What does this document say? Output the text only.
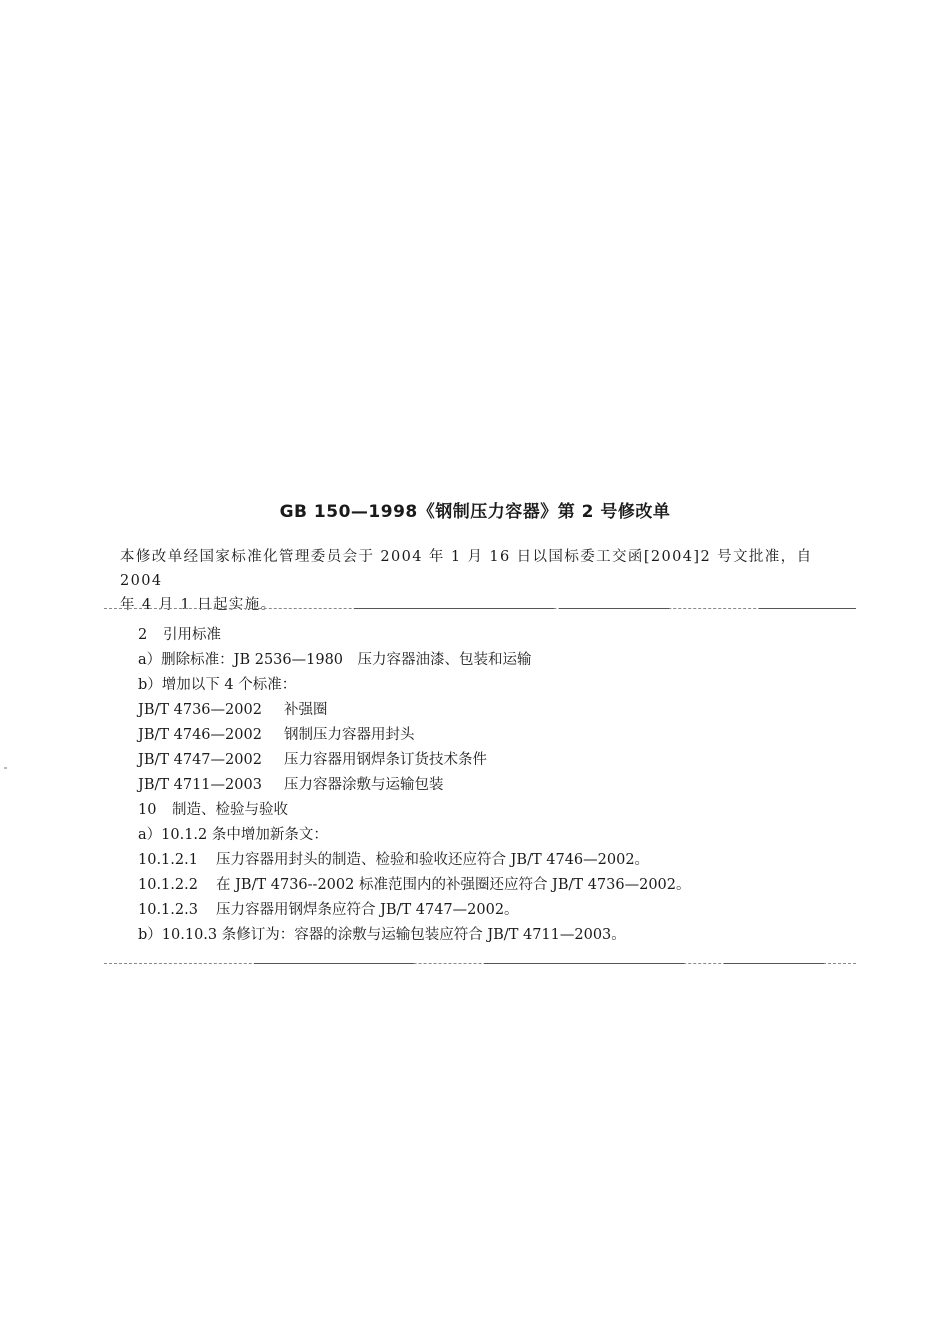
GB 150—1998《钢制压力容器》第 2 号修改单

本修改单经国家标准化管理委员会于 2004 年 1 月 16 日以国标委工交函[2004]2 号文批准，自 2004

年 4 月 1 日起实施。

2 引用标准
a）删除标准：JB 2536—1980　压力容器油漆、包装和运输
b）增加以下 4 个标准：
JB/T 4736—2002 补强圈
JB/T 4746—2002 钢制压力容器用封头
JB/T 4747—2002 压力容器用钢焊条订货技术条件
JB/T 4711—2003 压力容器涂敷与运输包装
10 制造、检验与验收
a）10.1.2 条中增加新条文：
10.1.2.1 压力容器用封头的制造、检验和验收还应符合 JB/T 4746—2002。
10.1.2.2 在 JB/T 4736--2002 标准范围内的补强圈还应符合 JB/T 4736—2002。
10.1.2.3 压力容器用钢焊条应符合 JB/T 4747—2002。
b）10.10.3 条修订为：容器的涂敷与运输包装应符合 JB/T 4711—2003。
